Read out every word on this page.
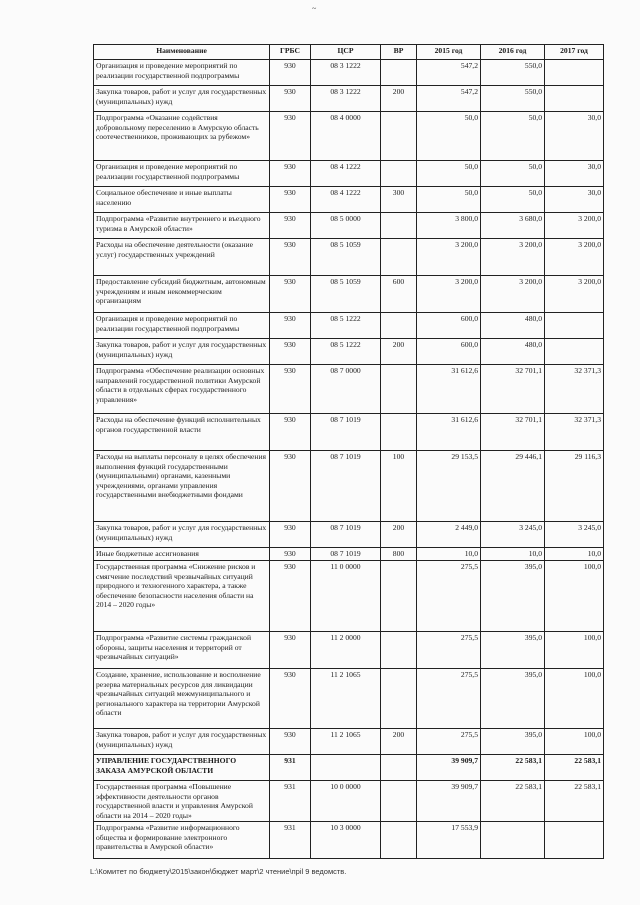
~
Наименование	ГРБС	ЦСР	ВР	2015 год	2016 год	2017 год
Организация и проведение мероприятий по реализации государственной подпрограммы	930	08 3 1222		547,2	550,0	
Закупка товаров, работ и услуг для государственных (муниципальных) нужд	930	08 3 1222	200	547,2	550,0	
Подпрограмма «Оказание содействия добровольному переселению в Амурскую область соотечественников, проживающих за рубежом»	930	08 4 0000		50,0	50,0	30,0
Организация и проведение мероприятий по реализации государственной подпрограммы	930	08 4 1222		50,0	50,0	30,0
Социальное обеспечение и иные выплаты населению	930	08 4 1222	300	50,0	50,0	30,0
Подпрограмма «Развитие внутреннего и въездного туризма в Амурской области»	930	08 5 0000		3 800,0	3 680,0	3 200,0
Расходы на обеспечение деятельности (оказание услуг) государственных учреждений	930	08 5 1059		3 200,0	3 200,0	3 200,0
Предоставление субсидий бюджетным, автономным учреждениям и иным некоммерческим организациям	930	08 5 1059	600	3 200,0	3 200,0	3 200,0
Организация и проведение мероприятий по реализации государственной подпрограммы	930	08 5 1222		600,0	480,0	
Закупка товаров, работ и услуг для государственных (муниципальных) нужд	930	08 5 1222	200	600,0	480,0	
Подпрограмма «Обеспечение реализации основных направлений государственной политики Амурской области в отдельных сферах государственного управления»	930	08 7 0000		31 612,6	32 701,1	32 371,3
Расходы на обеспечение функций исполнительных органов государственной власти	930	08 7 1019		31 612,6	32 701,1	32 371,3
Расходы на выплаты персоналу в целях обеспечения выполнения функций государственными (муниципальными) органами, казенными учреждениями, органами управления государственными внебюджетными фондами	930	08 7 1019	100	29 153,5	29 446,1	29 116,3
Закупка товаров, работ и услуг для государственных (муниципальных) нужд	930	08 7 1019	200	2 449,0	3 245,0	3 245,0
Иные бюджетные ассигнования	930	08 7 1019	800	10,0	10,0	10,0
Государственная программа «Снижение рисков и смягчение последствий чрезвычайных ситуаций природного и техногенного характера, а также обеспечение безопасности населения области на 2014 – 2020 годы»	930	11 0 0000		275,5	395,0	100,0
Подпрограмма «Развитие системы гражданской обороны, защиты населения и территорий от чрезвычайных ситуаций»	930	11 2 0000		275,5	395,0	100,0
Создание, хранение, использование и восполнение резерва материальных ресурсов для ликвидации чрезвычайных ситуаций межмуниципального и регионального характера на территории Амурской области	930	11 2 1065		275,5	395,0	100,0
Закупка товаров, работ и услуг для государственных (муниципальных) нужд	930	11 2 1065	200	275,5	395,0	100,0
УПРАВЛЕНИЕ ГОСУДАРСТВЕННОГО ЗАКАЗА АМУРСКОЙ ОБЛАСТИ	931			39 909,7	22 583,1	22 583,1
Государственная программа «Повышение эффективности деятельности органов государственной власти и управления Амурской области на 2014 – 2020 годы»	931	10 0 0000		39 909,7	22 583,1	22 583,1
Подпрограмма «Развитие информационного общества и формирование электронного правительства в Амурской области»	931	10 3 0000		17 553,9		
L:\Комитет по бюджету\2015\закон\бюджет март\2 чтение\прil 9 ведомств.
